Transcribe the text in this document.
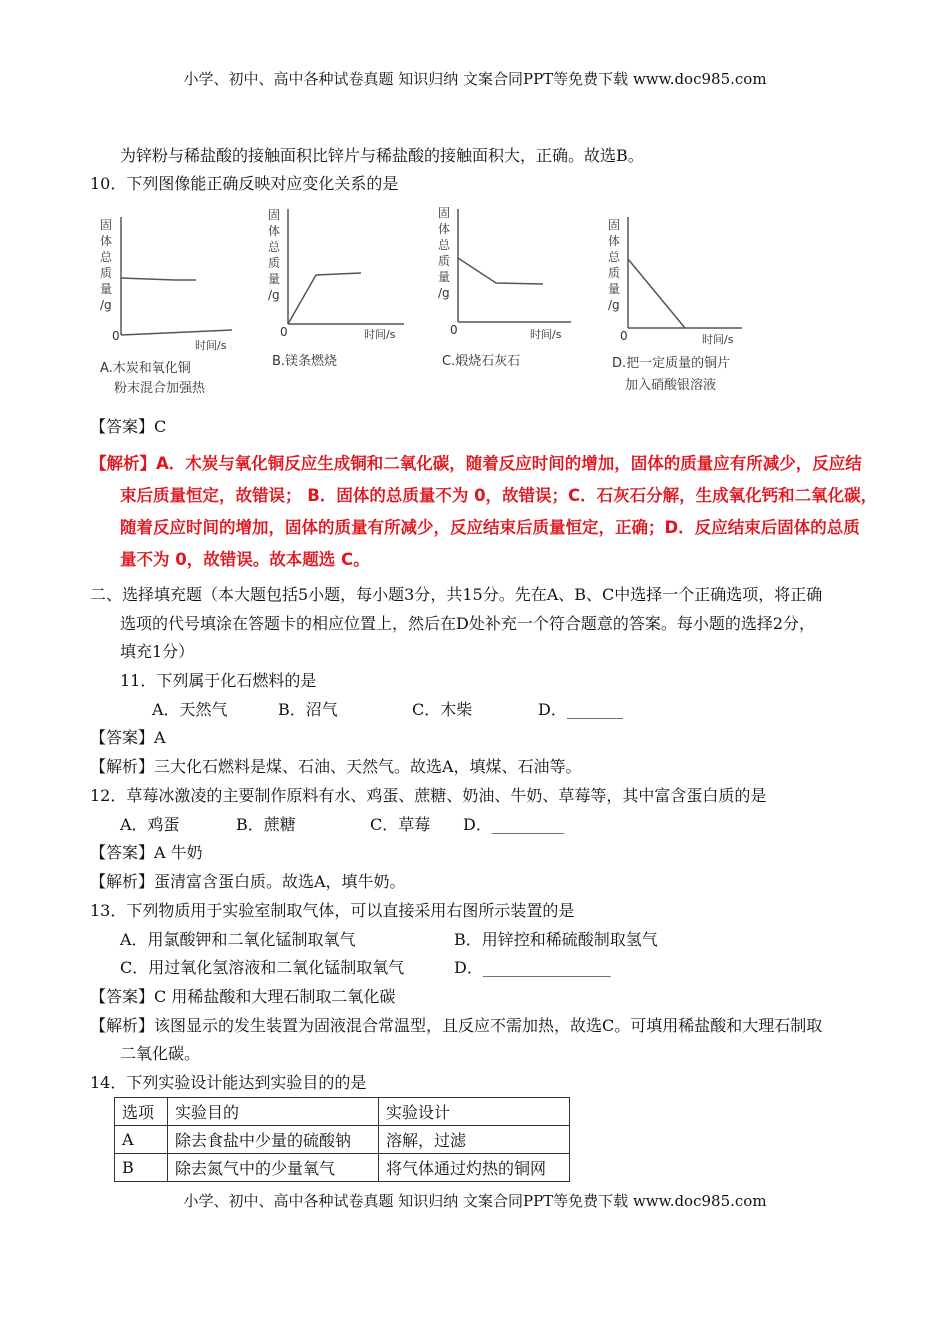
小学、初中、高中各种试卷真题 知识归纳 文案合同PPT等免费下载 www.doc985.com
为锌粉与稀盐酸的接触面积比锌片与稀盐酸的接触面积大，正确。故选B。
10．下列图像能正确反映对应变化关系的是
固
体
总
质
量
/g
0
时间/s
A.木炭和氧化铜
粉末混合加强热
固
体
总
质
量
/g
0	时间/s
B.镁条燃烧
固
体
总
质
量
/g
0	时间/s
C.煅烧石灰石
固
体
总
质
量
/g
0	时间/s
D.把一定质量的铜片
加入硝酸银溶液
【答案】C
【解析】A．木炭与氧化铜反应生成铜和二氧化碳，随着反应时间的增加，固体的质量应有所减少，反应结
束后质量恒定，故错误； B．固体的总质量不为 0，故错误；C．石灰石分解，生成氧化钙和二氧化碳，
随着反应时间的增加，固体的质量有所减少，反应结束后质量恒定，正确；D．反应结束后固体的总质
量不为 0，故错误。故本题选 C。
二、选择填充题（本大题包括5小题，每小题3分，共15分。先在A、B、C中选择一个正确选项，将正确
选项的代号填涂在答题卡的相应位置上，然后在D处补充一个符合题意的答案。每小题的选择2分，
填充1分）
11．下列属于化石燃料的是
A．天然气	B．沼气	C．木柴	D．_______
【答案】A
【解析】三大化石燃料是煤、石油、天然气。故选A，填煤、石油等。
12．草莓冰激凌的主要制作原料有水、鸡蛋、蔗糖、奶油、牛奶、草莓等，其中富含蛋白质的是
A．鸡蛋	B．蔗糖	C．草莓 D．_________
【答案】A 牛奶
【解析】蛋清富含蛋白质。故选A，填牛奶。
13．下列物质用于实验室制取气体，可以直接采用右图所示装置的是
A．用氯酸钾和二氧化锰制取氧气	B．用锌控和稀硫酸制取氢气
C．用过氧化氢溶液和二氧化锰制取氧气	D．________________
【答案】C 用稀盐酸和大理石制取二氧化碳
【解析】该图显示的发生装置为固液混合常温型，且反应不需加热，故选C。可填用稀盐酸和大理石制取
二氧化碳。
14．下列实验设计能达到实验目的的是
选项	实验目的	实验设计
A	除去食盐中少量的硫酸钠	溶解，过滤
B	除去氮气中的少量氧气	将气体通过灼热的铜网
小学、初中、高中各种试卷真题 知识归纳 文案合同PPT等免费下载 www.doc985.com
